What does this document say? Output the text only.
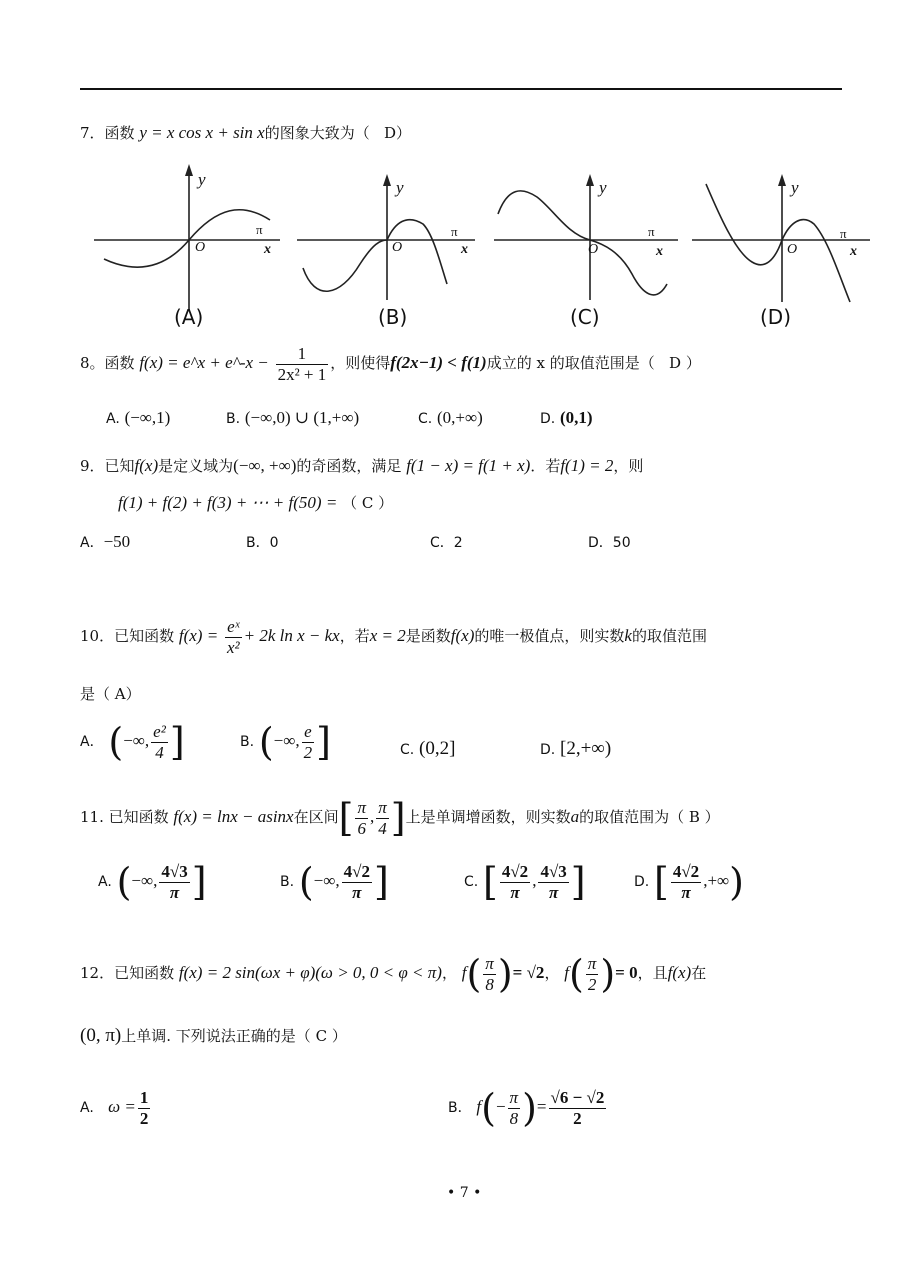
7．函数 y = x cos x + sin x的图象大致为（ D）
y
O
π
x
(A)
y
O
π
x
(B)
y
O
π
x
(C)
y
O
π
x
(D)
8。函数 f(x) = e^x + e^-x − $\frac{1}{\text{2x² + 1}}$ ，则使得f(2x−1) < f(1)成立的 x 的取值范围是（ D ）
A. (−∞,1)	B. (−∞,0) ∪ (1,+∞)	C. (0,+∞)	D. (0,1)
9．已知f(x)是定义域为(−∞, +∞)的奇函数，满足 f(1 − x) = f(1 + x)．若f(1) = 2，则
f(1) + f(2) + f(3) + ⋯ + f(50) = （ C ）
A．−50	B．0	C．2	D．50
10．已知函数 $f(x) = \frac{\text{eˣ}}{\text{x²}} + 2k$ ln x − kx，若x = 2是函数f(x)的唯一极值点，则实数k的取值范围
是（ A）
A． (−∞, $\frac{\text{e²}}{4}$ ]	B. (−∞, $\frac{e}{2}$ ]	C. (0,2]	D. [2,+∞)
11. 已知函数 f(x) = lnx − asinx在区间[ $\frac{\pi}{6}$ , $\frac{\pi}{4}$ ]上是单调增函数，则实数a的取值范围为（ B ）
A. (−∞, $\frac{4√3}{\pi}$ ]	B. (−∞, $\frac{4√2}{\pi}$ ]	C. [ $\frac{4√2}{\pi}$ , $\frac{4√3}{\pi}$ ]	D. [ $\frac{4√2}{\pi}$ ,+∞)
12．已知函数 f(x) = 2 sin(ωx + φ)(ω > 0, 0 < φ < π)， $f( \frac{\pi}{8}$ )= √2， $f( \frac{\pi}{2}$ )= 0，且f(x)在
(0, π)上单调. 下列说法正确的是（ C ）
A. $\omega = \frac{1}{2}$	B． $f(- \frac{\pi}{8}$ )= $\frac{√6 - √2}{2}$
• 7 •
